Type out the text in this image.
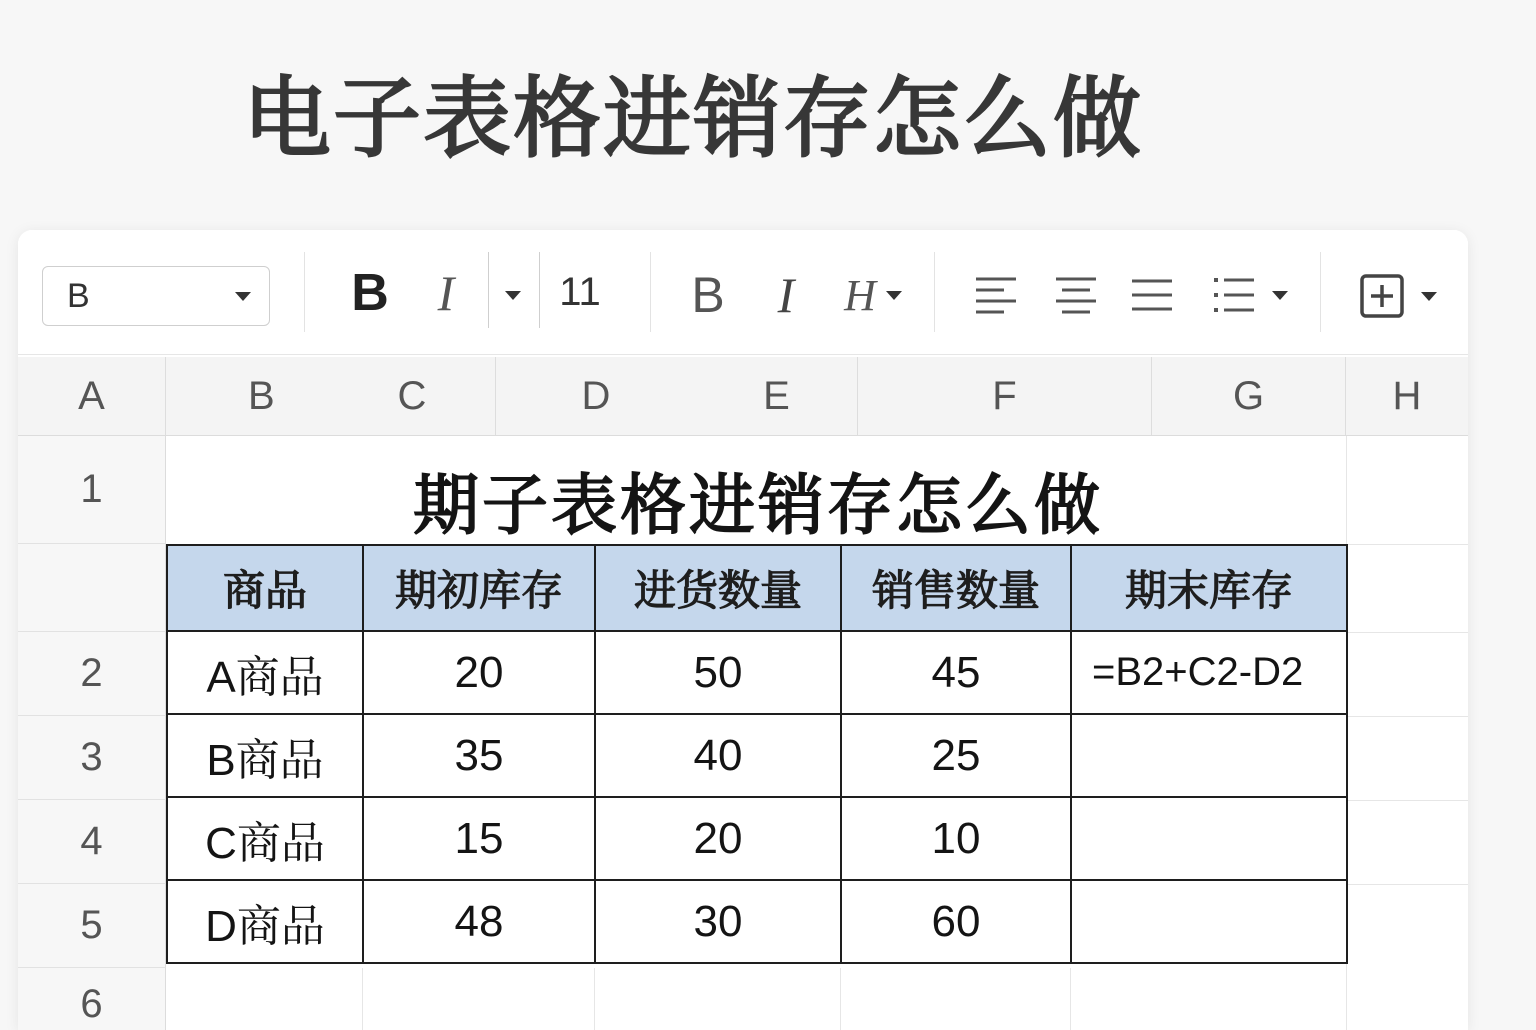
电子表格进销存怎么做
B	B I	11 B	I	H
A	B	C	D	E	F	G	H
1
2
3
4
5
6
期子表格进销存怎么做
商品	期初库存	进货数量	销售数量	期末库存
A商品	20	50	45	=B2+C2-D2
B商品	35	40	25	
C商品	15	20	10	
D商品	48	30	60	
